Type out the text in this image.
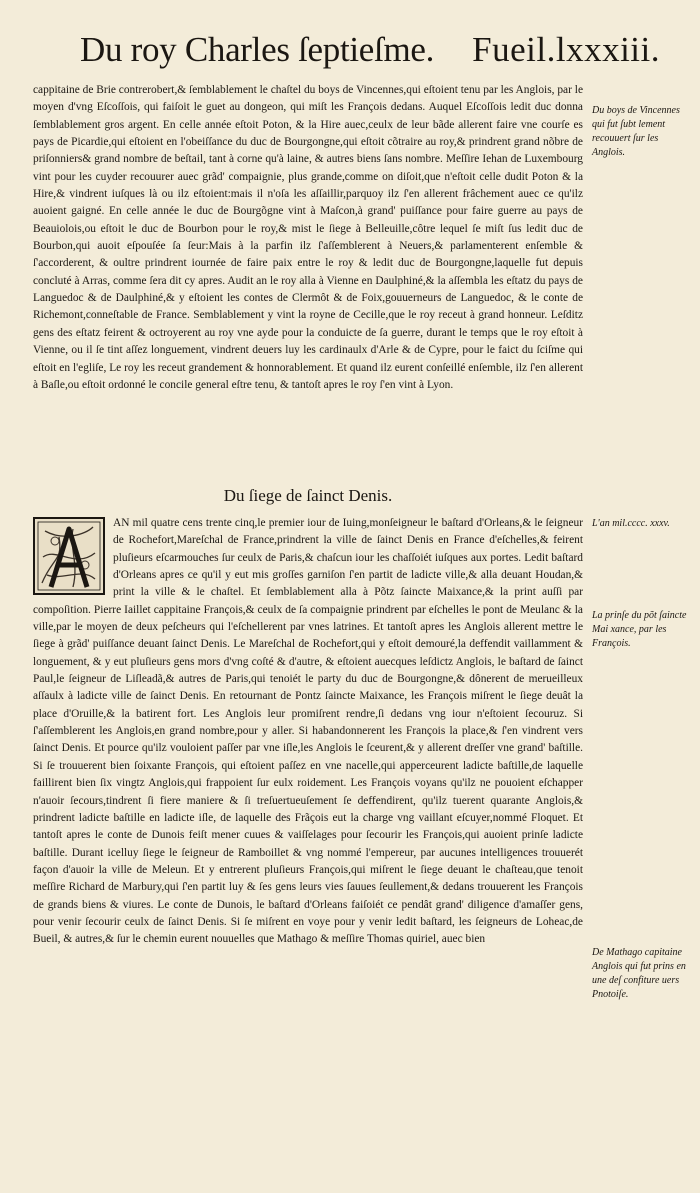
Du roy Charles ſeptieſme. Fueil.lxxxiii.
cappitaine de Brie contrerobert,& ſemblablement le chaſtel du boys de Vincennes,qui eſtoient tenu par les Anglois, par le moyen d'vng Eſcoſſois, qui faiſoit le guet au dongeon, qui miſt les François dedans. Auquel Eſcoſſois ledit duc donna ſemblablement gros argent. En celle année eſtoit Poton, & la Hire auec,ceulx de leur bãde allerent faire vne courſe es pays de Picardie,qui eſtoient en l'obeiſſance du duc de Bourgongne,qui eſtoit cõtraire au roy,& prindrent grand nõbre de priſonniers& grand nombre de beſtail, tant à corne qu'à laine, & autres biens ſans nombre. Meſſire Iehan de Luxembourg vint pour les cuyder recouurer auec grãd' compaignie, plus grande,comme on diſoit,que n'eſtoit celle dudit Poton & la Hire,& vindrent iuſques là ou ilz eſtoient:mais il n'oſa les aſſaillir,parquoy ilz ſ'en allerent frâchement auec ce qu'ilz auoient gaigné. En celle année le duc de Bourgõgne vint à Maſcon,à grand' puiſſance pour faire guerre au pays de Beauiolois,ou eſtoit le duc de Bourbon pour le roy,& mist le ſiege à Belleuille,côtre lequel ſe miſt ſus ledit duc de Bourbon,qui auoit eſpouſée ſa ſeur:Mais à la parfin ilz ſ'aſſemblerent à Neuers,& parlamenterent enſemble & ſ'accorderent, & oultre prindrent iournée de faire paix entre le roy & ledit duc de Bourgongne,laquelle fut depuis concluté à Arras, comme ſera dit cy apres. Audit an le roy alla à Vienne en Daulphiné,& la aſſembla les eſtatz du pays de Languedoc & de Daulphiné,& y eſtoient les contes de Clermôt & de Foix,gouuerneurs de Languedoc, & le conte de Richemont,conneſtable de France. Semblablement y vint la royne de Cecille,que le roy receut à grand honneur. Leſditz gens des eſtatz feirent & octroyerent au roy vne ayde pour la conduicte de ſa guerre, durant le temps que le roy eſtoit à Vienne, ou il ſe tint aſſez longuement, vindrent deuers luy les cardinaulx d'Arle & de Cypre, pour le faict du ſciſme qui eſtoit en l'egliſe, Le roy les receut grandement & honnorablement. Et quand ilz eurent conſeillé enſemble, ilz ſ'en allerent à Baſle,ou eſtoit ordonné le concile general eſtre tenu, & tantoſt apres le roy ſ'en vint à Lyon.
Du ſiege de ſainct Denis.
AN mil quatre cens trente cinq,le premier iour de Iuing,monſeigneur le baſtard d'Orleans,& le ſeigneur de Rochefort,Mareſchal de France,prindrent la ville de ſainct Denis en France d'eſchelles,& feirent pluſieurs eſcarmouches ſur ceulx de Paris,& chaſcun iour les chaſſoiét iuſques aux portes. Ledit baſtard d'Orleans apres ce qu'il y eut mis groſſes garniſon ſ'en partit de ladicte ville,& alla deuant Houdan,& print la ville & le chaſtel. Et ſemblablement alla à Põtz ſaincte Maixance,& la print auſſi par compoſition. Pierre Iaillet cappitaine François,& ceulx de ſa compaignie prindrent par eſchelles le pont de Meulanc & la ville,par le moyen de deux peſcheurs qui l'eſchellerent par vnes latrines. Et tantoſt apres les Anglois allerent mettre le ſiege à grãd' puiſſance deuant ſainct Denis. Le Mareſchal de Rochefort,qui y eſtoit demouré,la deffendit vaillamment & longuement, & y eut pluſieurs gens mors d'vng coſté & d'autre, & eſtoient auecques leſdictz Anglois, le baſtard de ſainct Paul,le ſeigneur de Liſleadã,& autres de Paris,qui tenoiét le party du duc de Bourgongne,& dônerent de merueilleux aſſaulx à ladicte ville de ſainct Denis. En retournant de Pontz ſaincte Maixance, les François miſrent le ſiege deuât la place d'Oruille,& la batirent fort. Les Anglois leur promiſrent rendre,ſi dedans vng iour n'eſtoient ſecouruz. Si ſ'aſſemblerent les Anglois,en grand nombre,pour y aller. Si habandonnerent les François la place,& ſ'en vindrent vers ſainct Denis. Et pource qu'ilz vouloient paſſer par vne iſle,les Anglois le ſceurent,& y allerent dreſſer vne grand' baſtille. Si ſe trouuerent bien ſoixante François, qui eſtoient paſſez en vne nacelle,qui apperceurent ladicte baſtille,de laquelle faillirent bien ſix vingtz Anglois,qui frappoient ſur eulx roidement. Les François voyans qu'ilz ne pouoient eſchapper n'auoir ſecours,tindrent ſi fiere maniere & ſi treſuertueuſement ſe deffendirent, qu'ilz tuerent quarante Anglois,& prindrent ladicte baſtille en ladicte iſle, de laquelle des Frãçois eut la charge vng vaillant eſcuyer,nommé Floquet. Et tantoſt apres le conte de Dunois feiſt mener cuues & vaiſſelages pour ſecourir les François,qui auoient prinſe ladicte baſtille. Durant icelluy ſiege le ſeigneur de Ramboillet & vng nommé l'empereur, par aucunes intelligences trouuerét façon d'auoir la ville de Meleun. Et y entrerent pluſieurs François,qui miſrent le ſiege deuant le chaſteau,que tenoit meſſire Richard de Marbury,qui ſ'en partit luy & ſes gens leurs vies ſauues ſeullement,& dedans trouuerent les François de grands biens & viures. Le conte de Dunois, le baſtard d'Orleans faiſoiét ce pendât grand' diligence d'amaſſer gens, pour venir ſecourir ceulx de ſainct Denis. Si ſe miſrent en voye pour y venir ledit baſtard, les ſeigneurs de Loheac,de Bueil, & autres,& ſur le chemin eurent nouuelles que Mathago & meſſire Thomas quiriel, auec bien
Du boys de Vincennes qui fut ſubt lement recouuert ſur les Anglois.
L'an mil.cccc. xxxv.
La prinſe du põt ſaincte Mai xance, par les François.
De Mathago capitaine Anglois qui fut prins en une deſ confiture uers Pnotoiſe.
